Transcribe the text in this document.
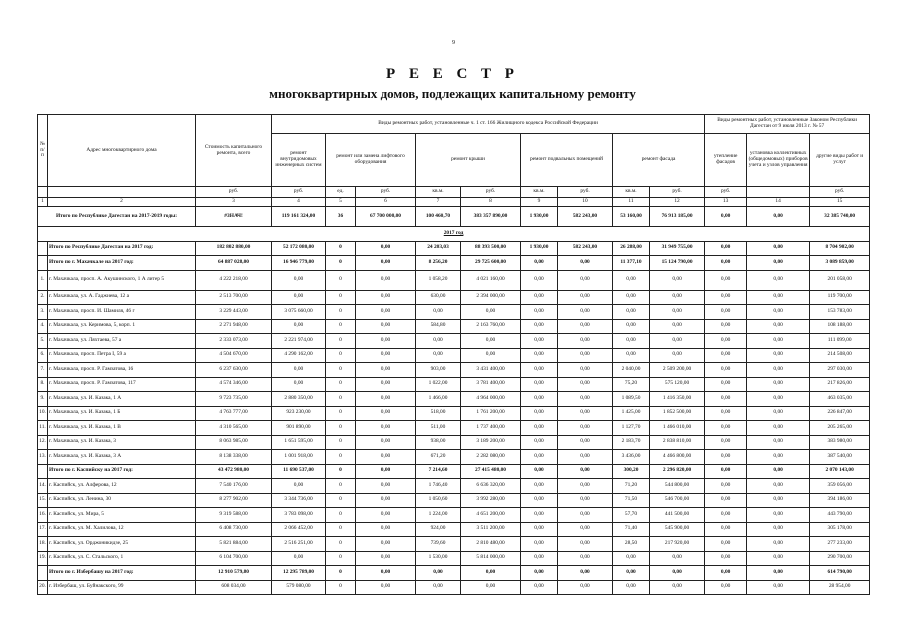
9
Р Е Е С Т Р
многоквартирных домов, подлежащих капитальному ремонту
№ п/п	Адрес многоквартирного дома	Стоимость капитального ремонта, всего	Виды ремонтных работ, установленные ч. 1 ст. 166 Жилищного кодекса Российской Федерации									Виды ремонтных работ, установленные Законом Республики Дагестан от 9 июля 2013 г. № 57		
			ремонт внутридомовых инженерных систем	ремонт или замена лифтового оборудования		ремонт крыши		ремонт подвальных помещений		ремонт фасада		утепление фасадов	установка коллективных (общедомовых) приборов учета и узлов управления	другие виды работ и услуг
		руб.	руб.	ед.	руб.	кв.м.	руб.	кв.м.	руб.	кв.м.	руб.	руб.		руб.
1	2	3	4	5	6	7	8	9	10	11	12	13	14	15
Итого по Республике Дагестан на 2017-2019 годы:		#ЗНАЧ!	119 161 324,00	36	67 700 000,00	100 460,70	383 357 890,00	1 930,00	582 243,00	53 160,00	76 913 185,00	0,00	0,00	32 385 740,00
2017 год														
	Итого по Республике Дагестан на 2017 год:	182 802 880,00	52 172 080,00	0	0,00	24 203,03	88 393 500,00	1 930,00	582 243,00	26 288,00	31 949 755,00	0,00	0,00	8 704 902,00
	Итого по г. Махачкале на 2017 год:	64 887 028,00	16 946 779,00	0	0,00	8 256,20	29 725 600,00	0,00	0,00	11 377,10	15 124 790,00	0,00	0,00	3 089 859,00
1.	г. Махачкала, просп. А. Акушинского, 1 А литер 5	4 222 218,00	0,00	0	0,00	1 058,20	4 021 160,00	0,00	0,00	0,00	0,00	0,00	0,00	201 058,00
2.	г. Махачкала, ул. А. Гаджиева, 12 а	2 513 700,00	0,00	0	0,00	630,00	2 394 000,00	0,00	0,00	0,00	0,00	0,00	0,00	119 700,00
3.	г. Махачкала, просп. И. Шамиля, 46 г	3 229 443,00	3 075 660,00	0	0,00	0,00	0,00	0,00	0,00	0,00	0,00	0,00	0,00	153 783,00
4.	г. Махачкала, ул. Керимова, 5, корп. 1	2 271 948,00	0,00	0	0,00	584,80	2 163 760,00	0,00	0,00	0,00	0,00	0,00	0,00	108 188,00
5.	г. Махачкала, ул. Ляхтаева, 57 а	2 333 073,00	2 221 974,00	0	0,00	0,00	0,00	0,00	0,00	0,00	0,00	0,00	0,00	111 099,00
6.	г. Махачкала, просп. Петра I, 59 а	4 504 670,00	4 290 162,00	0	0,00	0,00	0,00	0,00	0,00	0,00	0,00	0,00	0,00	214 508,00
7.	г. Махачкала, просп. Р. Гамзатова, 16	6 237 630,00	0,00	0	0,00	903,00	3 431 400,00	0,00	0,00	2 040,00	2 509 200,00	0,00	0,00	297 030,00
8.	г. Махачкала, просп. Р. Гамзатова, 117	4 574 346,00	0,00	0	0,00	1 022,00	3 781 400,00	0,00	0,00	75,20	575 120,00	0,00	0,00	217 826,00
9.	г. Махачкала, ул. И. Казака, 1 А	9 723 735,00	2 880 350,00	0	0,00	1 466,00	4 964 000,00	0,00	0,00	1 089,50	1 416 350,00	0,00	0,00	463 035,00
10.	г. Махачкала, ул. И. Казака, 1 Б	4 763 777,00	923 230,00	0	0,00	518,00	1 761 200,00	0,00	0,00	1 425,00	1 852 500,00	0,00	0,00	226 847,00
11.	г. Махачкала, ул. И. Казака, 1 В	4 310 565,00	901 890,00	0	0,00	511,00	1 737 400,00	0,00	0,00	1 127,70	1 466 010,00	0,00	0,00	205 265,00
12.	г. Махачкала, ул. И. Казака, 3	8 063 985,00	1 651 595,00	0	0,00	938,00	3 189 200,00	0,00	0,00	2 183,70	2 838 810,00	0,00	0,00	383 980,00
13.	г. Махачкала, ул. И. Казака, 3 А	8 138 338,00	1 001 918,00	0	0,00	671,20	2 282 080,00	0,00	0,00	3 436,00	4 466 800,00	0,00	0,00	387 540,00
	Итого по г. Каспийску на 2017 год:	43 472 980,00	11 690 537,00	0	0,00	7 214,60	27 415 480,00	0,00	0,00	300,20	2 296 820,00	0,00	0,00	2 070 143,00
14.	г. Каспийск, ул. Алферова, 12	7 540 176,00	0,00	0	0,00	1 746,40	6 636 320,00	0,00	0,00	71,20	544 800,00	0,00	0,00	359 056,00
15.	г. Каспийск, ул. Ленина, 30	8 277 902,00	3 344 736,00	0	0,00	1 050,60	3 992 280,00	0,00	0,00	71,50	546 700,00	0,00	0,00	394 186,00
16.	г. Каспийск, ул. Мира, 5	9 319 588,00	3 783 098,00	0	0,00	1 224,00	4 651 200,00	0,00	0,00	57,70	441 500,00	0,00	0,00	443 790,00
17.	г. Каспийск, ул. М. Халилова, 12	6 408 730,00	2 066 452,00	0	0,00	924,00	3 511 200,00	0,00	0,00	71,40	545 900,00	0,00	0,00	305 178,00
18.	г. Каспийск, ул. Орджоникидзе, 25	5 821 884,00	2 516 251,00	0	0,00	739,60	2 810 480,00	0,00	0,00	28,50	217 920,00	0,00	0,00	277 233,00
19.	г. Каспийск, ул. С. Стальского, 1	6 104 700,00	0,00	0	0,00	1 530,00	5 814 000,00	0,00	0,00	0,00	0,00	0,00	0,00	290 700,00
	Итого по г. Избербашу на 2017 год:	12 910 579,80	12 295 789,00	0	0,00	0,00	0,00	0,00	0,00	0,00	0,00	0,00	0,00	614 790,00
20.	г. Избербаш, ул. Буйнакского, 99	608 034,00	579 080,00	0	0,00	0,00	0,00	0,00	0,00	0,00	0,00	0,00	0,00	28 954,00
